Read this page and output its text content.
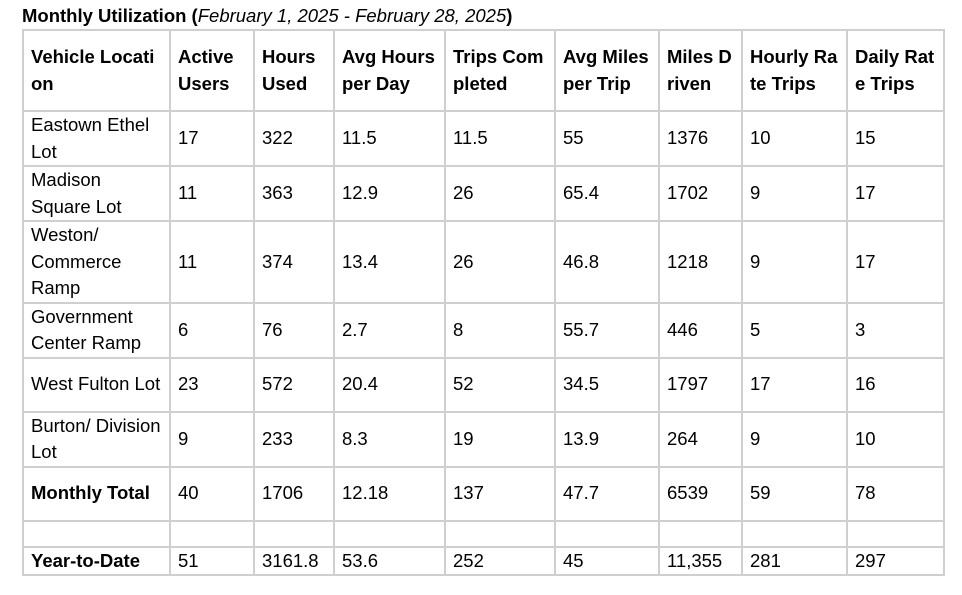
Monthly Utilization (February 1, 2025 - February 28, 2025)
Vehicle Location	Active Users	Hours Used	Avg Hours per Day	Trips Completed	Avg Miles per Trip	Miles Driven	Hourly Rate Trips	Daily Rate Trips
Eastown Ethel Lot	17	322	11.5	11.5	55	1376	10	15
Madison Square Lot	11	363	12.9	26	65.4	1702	9	17
Weston/ Commerce Ramp	11	374	13.4	26	46.8	1218	9	17
Government Center Ramp	6	76	2.7	8	55.7	446	5	3
West Fulton Lot	23	572	20.4	52	34.5	1797	17	16
Burton/ Division Lot	9	233	8.3	19	13.9	264	9	10
Monthly Total	40	1706	12.18	137	47.7	6539	59	78

Year-to-Date	51	3161.8	53.6	252	45	11,355	281	297
